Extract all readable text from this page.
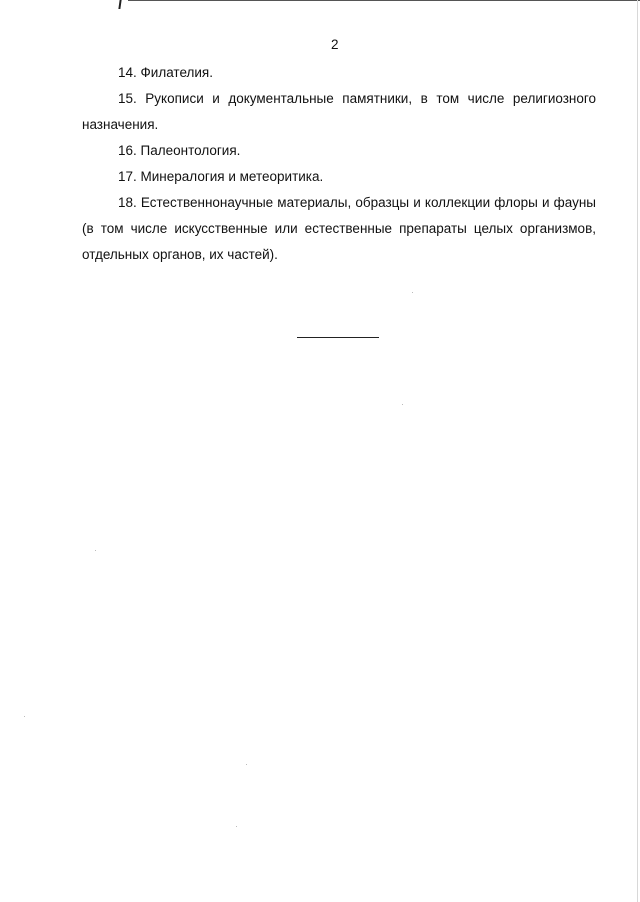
2

14. Филателия.

15. Рукописи и документальные памятники, в том числе религиозного
назначения.

16. Палеонтология.

17. Минералогия и метеоритика.

18. Естественнонаучные материалы, образцы и коллекции флоры и фауны
(в том числе искусственные или естественные препараты целых организмов,
отдельных органов, их частей).
